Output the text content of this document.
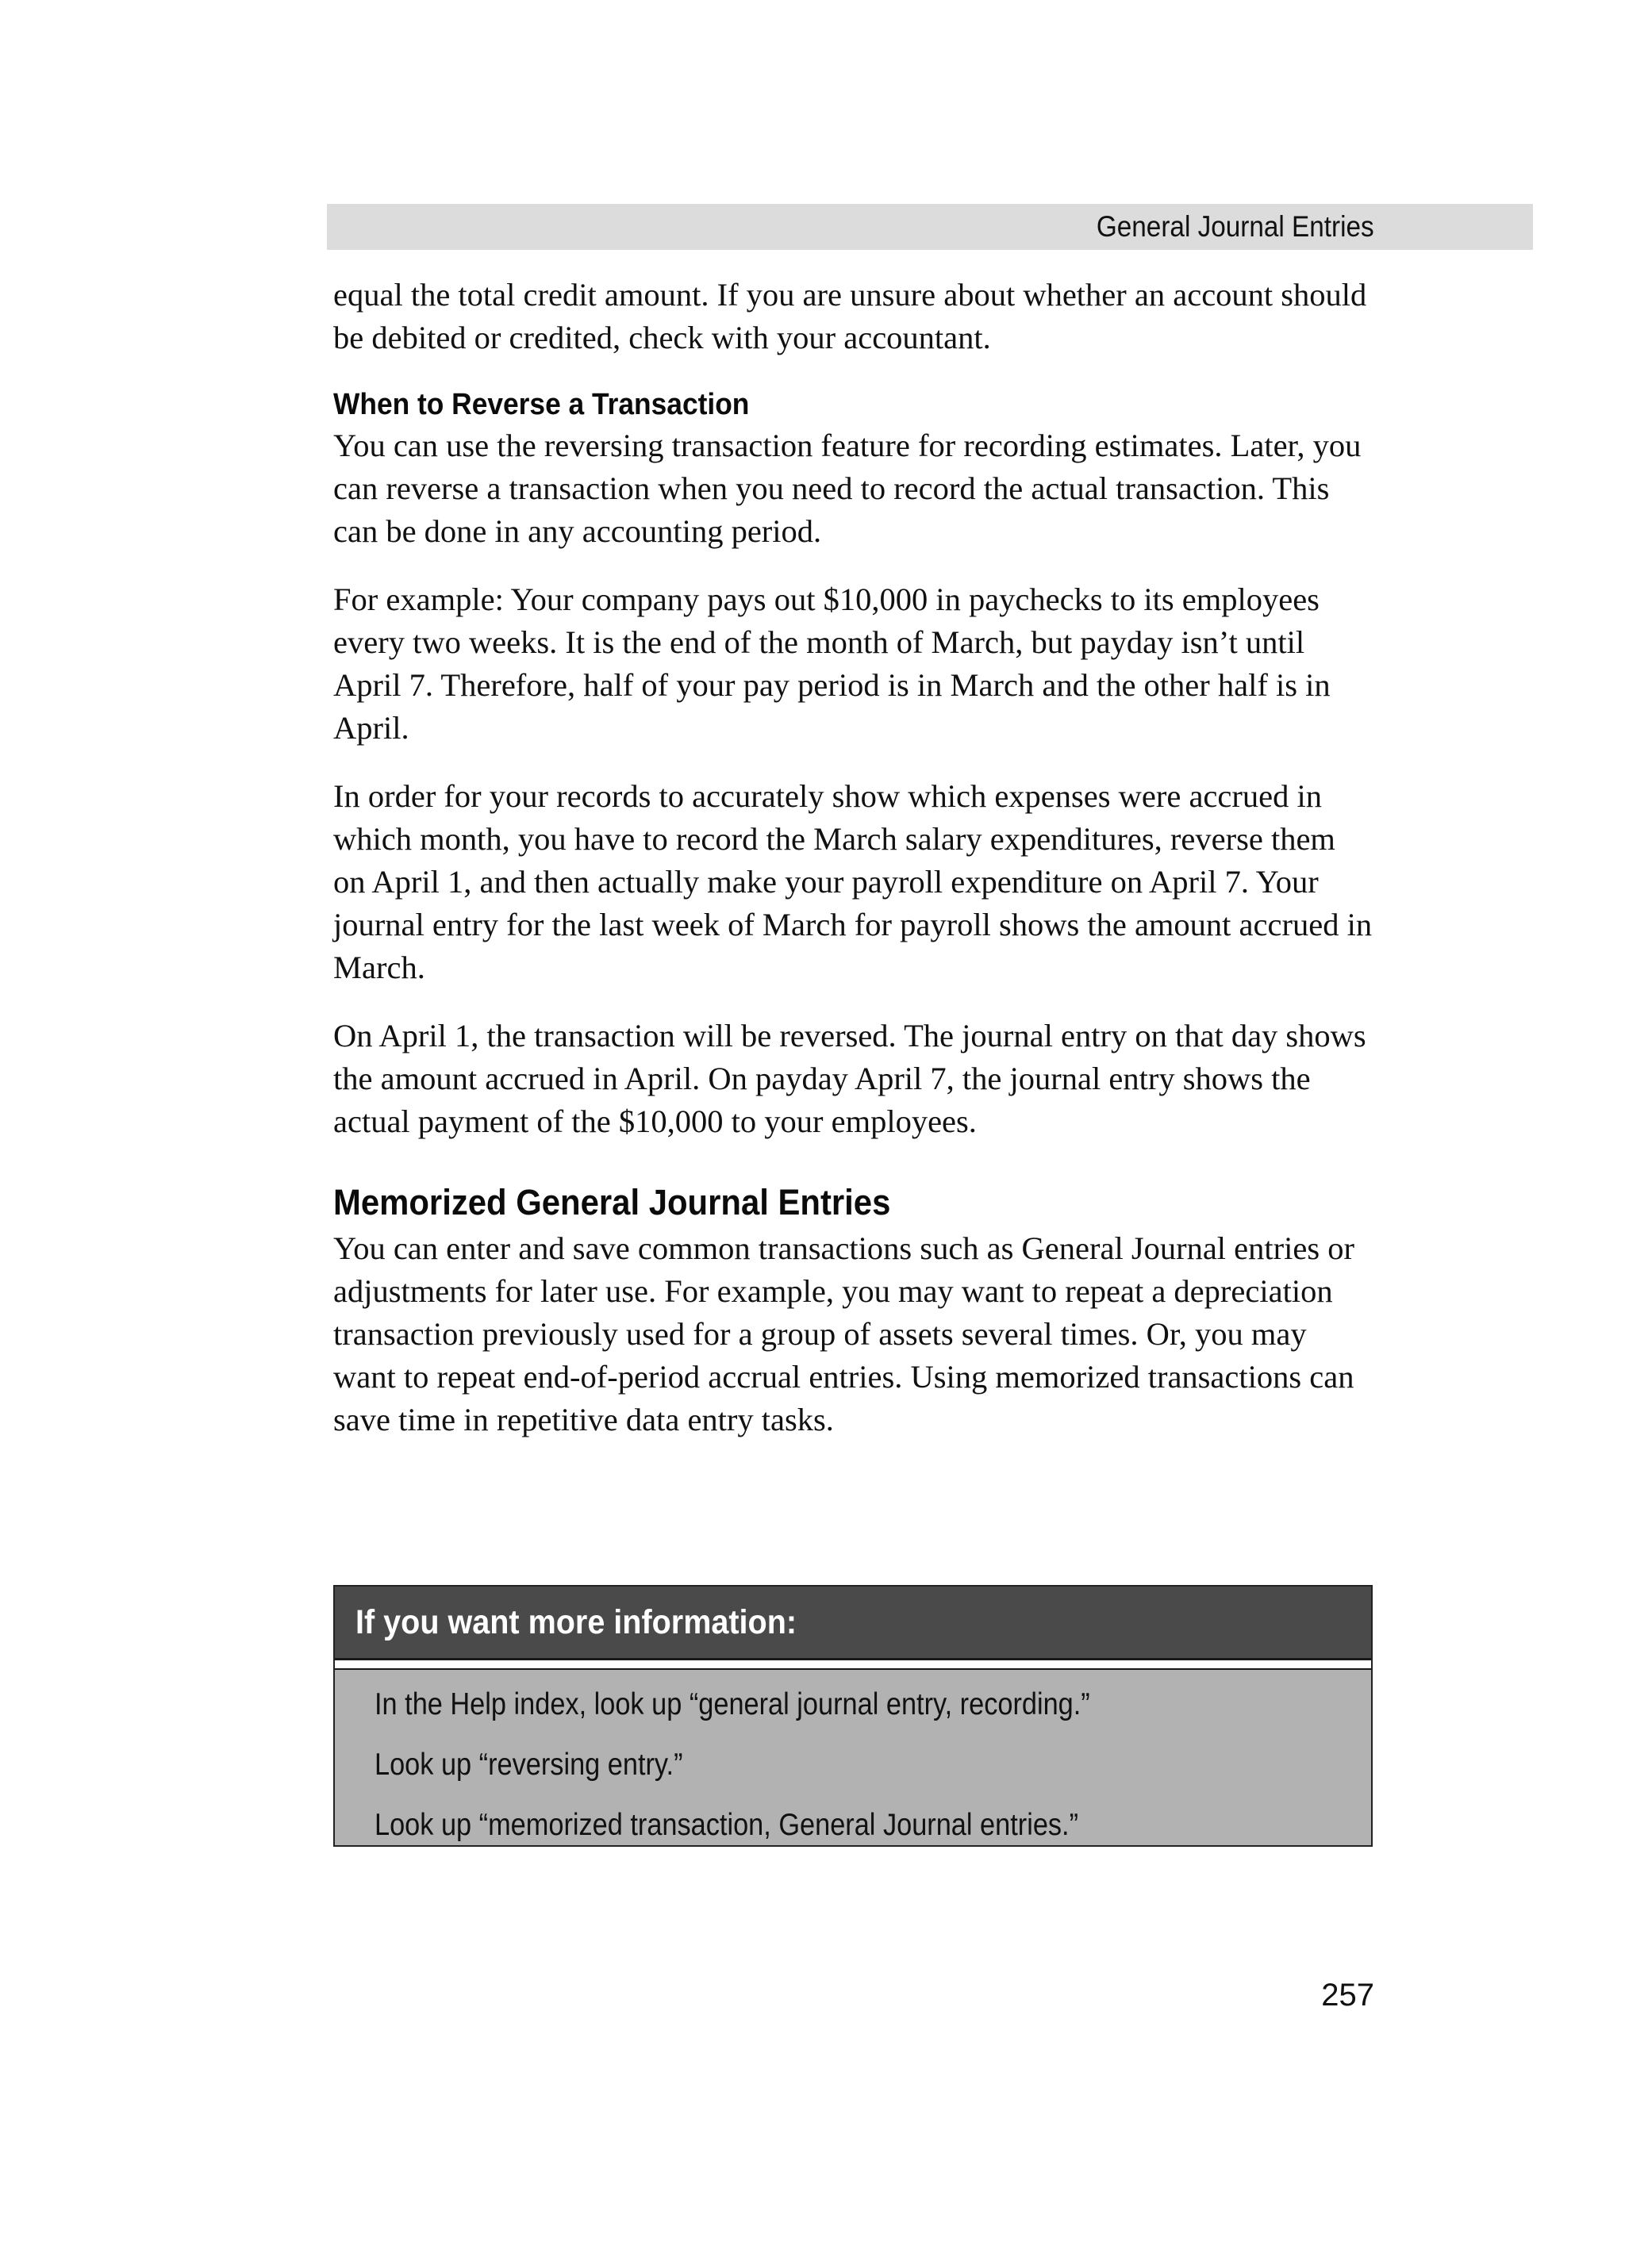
General Journal Entries

equal the total credit amount. If you are unsure about whether an account should be debited or credited, check with your accountant.

When to Reverse a Transaction

You can use the reversing transaction feature for recording estimates. Later, you can reverse a transaction when you need to record the actual transaction. This can be done in any accounting period.

For example: Your company pays out $10,000 in paychecks to its employees every two weeks. It is the end of the month of March, but payday isn’t until April 7. Therefore, half of your pay period is in March and the other half is in April.

In order for your records to accurately show which expenses were accrued in which month, you have to record the March salary expenditures, reverse them on April 1, and then actually make your payroll expenditure on April 7. Your journal entry for the last week of March for payroll shows the amount accrued in March.

On April 1, the transaction will be reversed. The journal entry on that day shows the amount accrued in April. On payday April 7, the journal entry shows the actual payment of the $10,000 to your employees.

Memorized General Journal Entries

You can enter and save common transactions such as General Journal entries or adjustments for later use. For example, you may want to repeat a depreciation transaction previously used for a group of assets several times. Or, you may want to repeat end-of-period accrual entries. Using memorized transactions can save time in repetitive data entry tasks.

If you want more information:
In the Help index, look up “general journal entry, recording.”
Look up “reversing entry.”
Look up “memorized transaction, General Journal entries.”
257
